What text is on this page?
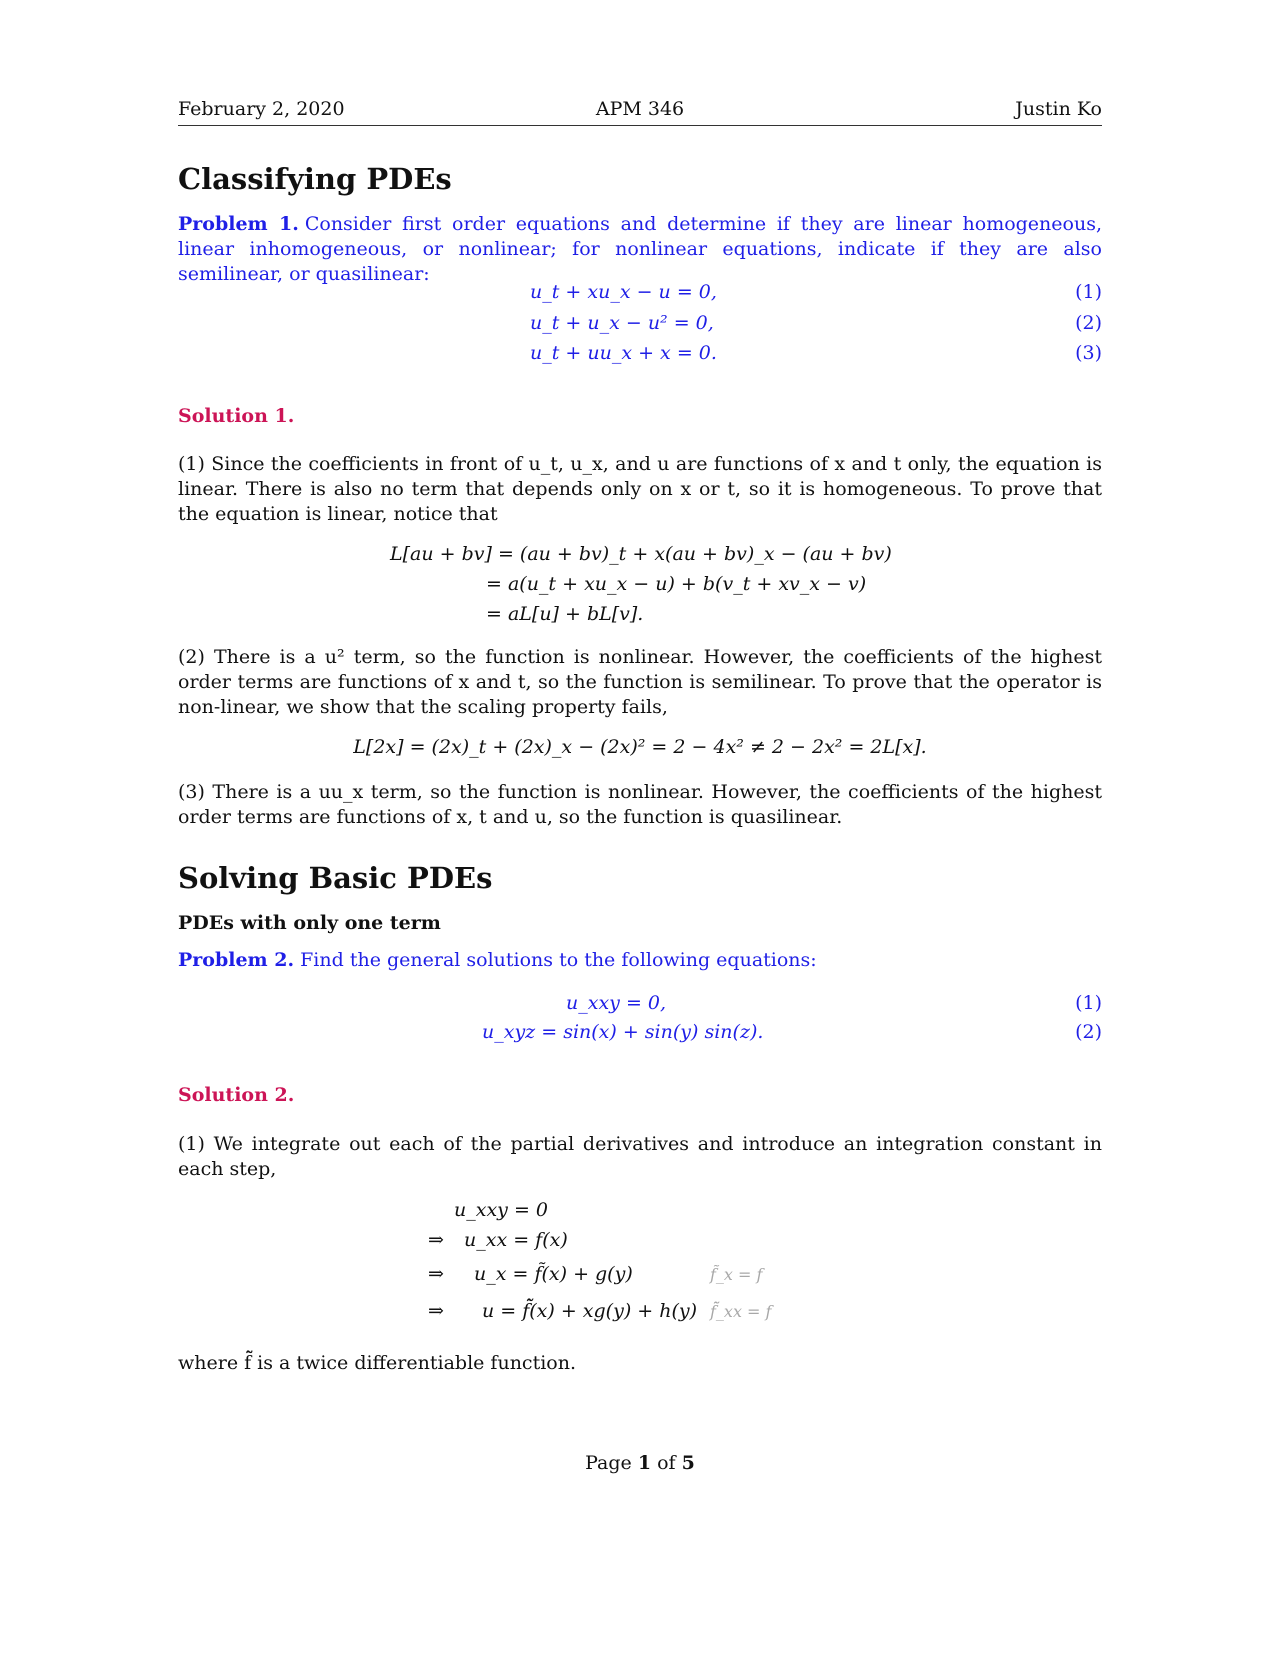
February 2, 2020	APM 346	Justin Ko
Classifying PDEs

Problem 1. Consider first order equations and determine if they are linear homogeneous, linear inhomogeneous, or nonlinear; for nonlinear equations, indicate if they are also semilinear, or quasilinear:

u_t + xu_x − u = 0,	(1)
u_t + u_x − u² = 0,	(2)
u_t + uu_x + x = 0.	(3)
Solution 1.

(1) Since the coefficients in front of u_t, u_x, and u are functions of x and t only, the equation is linear. There is also no term that depends only on x or t, so it is homogeneous. To prove that the equation is linear, notice that

L[au + bv] = (au + bv)_t + x(au + bv)_x − (au + bv)
= a(u_t + xu_x − u) + b(v_t + xv_x − v)
= aL[u] + bL[v].

(2) There is a u² term, so the function is nonlinear. However, the coefficients of the highest order terms are functions of x and t, so the function is semilinear. To prove that the operator is non-linear, we show that the scaling property fails,

L[2x] = (2x)_t + (2x)_x − (2x)² = 2 − 4x² ≠ 2 − 2x² = 2L[x].

(3) There is a uu_x term, so the function is nonlinear. However, the coefficients of the highest order terms are functions of x, t and u, so the function is quasilinear.

Solving Basic PDEs
PDEs with only one term

Problem 2. Find the general solutions to the following equations:

u_xxy = 0,	(1)
u_xyz = sin(x) + sin(y) sin(z).	(2)
Solution 2.

(1) We integrate out each of the partial derivatives and introduce an integration constant in each step,

u_xxy = 0
⇒ u_xx = f(x)
⇒ u_x = f̃(x) + g(y)	f̃_x = f
⇒ u = f̃̃(x) + xg(y) + h(y) f̃̃_xx = f

where f̃̃ is a twice differentiable function.

Page 1 of 5
